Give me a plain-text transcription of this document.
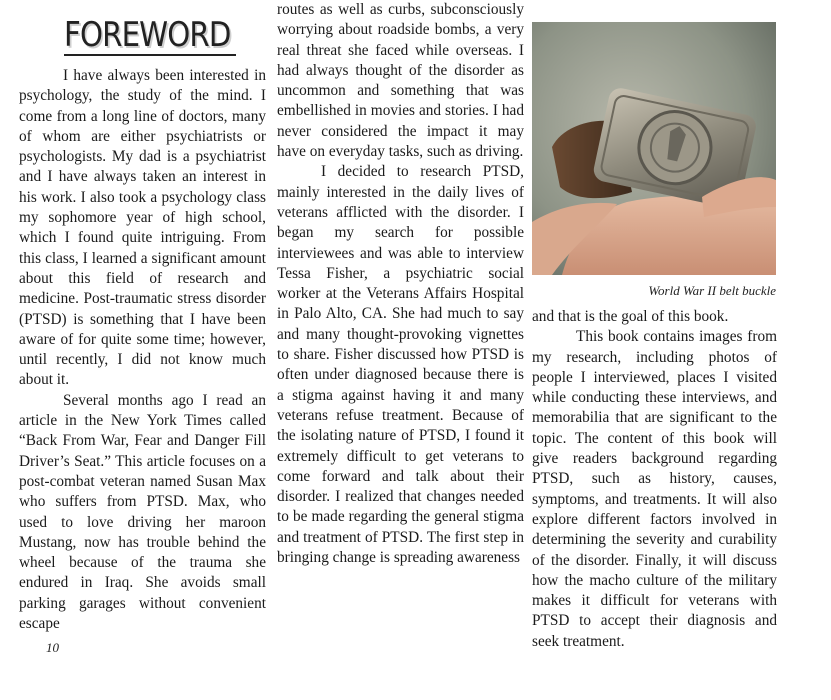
FOREWORD

I have always been interested in psychology, the study of the mind. I come from a long line of doctors, many of whom are either psychiatrists or psychologists. My dad is a psychiatrist and I have always taken an interest in his work. I also took a psychology class my sophomore year of high school, which I found quite intriguing. From this class, I learned a significant amount about this field of research and medicine. Post-traumatic stress disorder (PTSD) is something that I have been aware of for quite some time; however, until recently, I did not know much about it.

Several months ago I read an article in the New York Times called “Back From War, Fear and Danger Fill Driver’s Seat.” This article focuses on a post-combat veteran named Susan Max who suffers from PTSD. Max, who used to love driving her maroon Mustang, now has trouble behind the wheel because of the trauma she endured in Iraq. She avoids small parking garages without convenient escape

routes as well as curbs, subconsciously worrying about roadside bombs, a very real threat she faced while overseas. I had always thought of the disorder as uncommon and something that was embellished in movies and stories. I had never considered the impact it may have on everyday tasks, such as driving.

I decided to research PTSD, mainly interested in the daily lives of veterans afflicted with the disorder. I began my search for possible interviewees and was able to interview Tessa Fisher, a psychiatric social worker at the Veterans Affairs Hospital in Palo Alto, CA. She had much to say and many thought-provoking vignettes to share. Fisher discussed how PTSD is often under diagnosed because there is a stigma against having it and many veterans refuse treatment. Because of the isolating nature of PTSD, I found it extremely difficult to get veterans to come forward and talk about their disorder. I realized that changes needed to be made regarding the general stigma and treatment of PTSD. The first step in bringing change is spreading awareness

World War II belt buckle

and that is the goal of this book.

This book contains images from my research, including photos of people I interviewed, places I visited while conducting these interviews, and memorabilia that are significant to the topic. The content of this book will give readers background regarding PTSD, such as history, causes, symptoms, and treatments. It will also explore different factors involved in determining the severity and curability of the disorder. Finally, it will discuss how the macho culture of the military makes it difficult for veterans with PTSD to accept their diagnosis and seek treatment.

10
